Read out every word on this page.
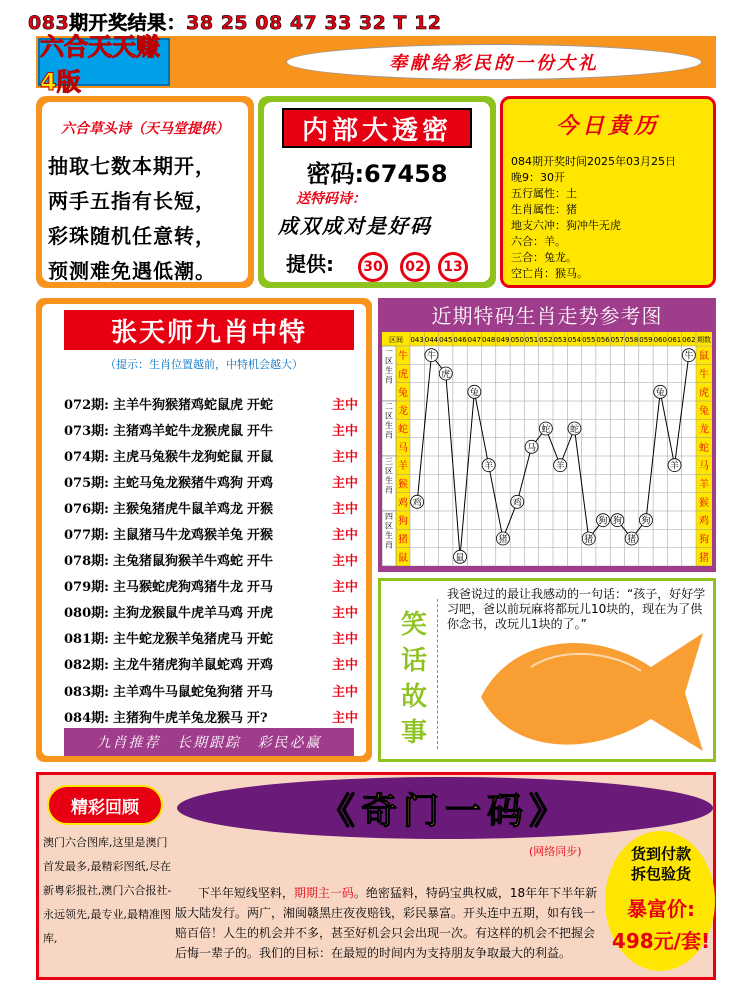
083期开奖结果：38 25 08 47 33 32 T 12
六合天天赚4版
奉献给彩民的一份大礼
六合草头诗（天马堂提供）
抽取七数本期开，
两手五指有长短，
彩珠随机任意转，
预测难免遇低潮。
内部大透密
密码:67458
送特码诗：
成双成对是好码
提供:	30	02	13
今日黄历
084期开奖时间2025年03月25日
晚9：30开
五行属性：土
生肖属性：猪
地支六冲：狗冲牛无虎
六合：羊。
三合：兔龙。
空亡肖：猴马。
张天师九肖中特
（提示：生肖位置越前，中特机会越大）
072期: 主羊牛狗猴猪鸡蛇鼠虎 开蛇	主中
073期: 主猪鸡羊蛇牛龙猴虎鼠 开牛	主中
074期: 主虎马兔猴牛龙狗蛇鼠 开鼠	主中
075期: 主蛇马兔龙猴猪牛鸡狗 开鸡	主中
076期: 主猴兔猪虎牛鼠羊鸡龙 开猴	主中
077期: 主鼠猪马牛龙鸡猴羊兔 开猴	主中
078期: 主兔猪鼠狗猴羊牛鸡蛇 开牛	主中
079期: 主马猴蛇虎狗鸡猪牛龙 开马	主中
080期: 主狗龙猴鼠牛虎羊马鸡 开虎	主中
081期: 主牛蛇龙猴羊兔猪虎马 开蛇	主中
082期: 主龙牛猪虎狗羊鼠蛇鸡 开鸡	主中
083期: 主羊鸡牛马鼠蛇兔狗猪 开马	主中
084期: 主猪狗牛虎羊兔龙猴马 开?	主中
九肖推荐 长期跟踪 彩民必赢
近期特码生肖走势参考图
区间	期数
043 044 045 046 047 048 049 050 051 052 053 054 055 056 057 058 059 060 061 062
牛
虎
兔
龙
蛇
马
羊
猴
鸡
狗
猪
鼠
鼠
牛
虎
兔
龙
蛇
马
羊
猴
鸡
狗
猪
一区生肖
二区生肖
三区生肖
四区生肖
鸡
牛
虎
鼠
兔
羊
猪
鸡
马
蛇
羊
蛇
猪
狗 狗
猪
狗
兔
羊
牛
笑
话
故
事
我爸说过的最让我感动的一句话：“孩子，好好学习吧，爸以前玩麻将都玩儿10块的，现在为了供你念书，改玩儿1块的了。”
精彩回顾
澳门六合图库,这里是澳门首发最多,最精彩图纸,尽在新粤彩报社,澳门六合报社-永远领先,最专业,最精准图库,
《奇门一码》
(网络同步)
下半年短线坚料，期期主一码。绝密猛料，特码宝典权威，18年年下半年新版大陆发行。两广，湘闽赣黑庄夜夜赔钱，彩民暴富。开头连中五期，如有钱一赔百倍！人生的机会并不多，甚至好机会只会出现一次。有这样的机会不把握会后悔一辈子的。我们的目标：在最短的时间内为支持朋友争取最大的利益。
货到付款
拆包验货
暴富价:
498元/套!
